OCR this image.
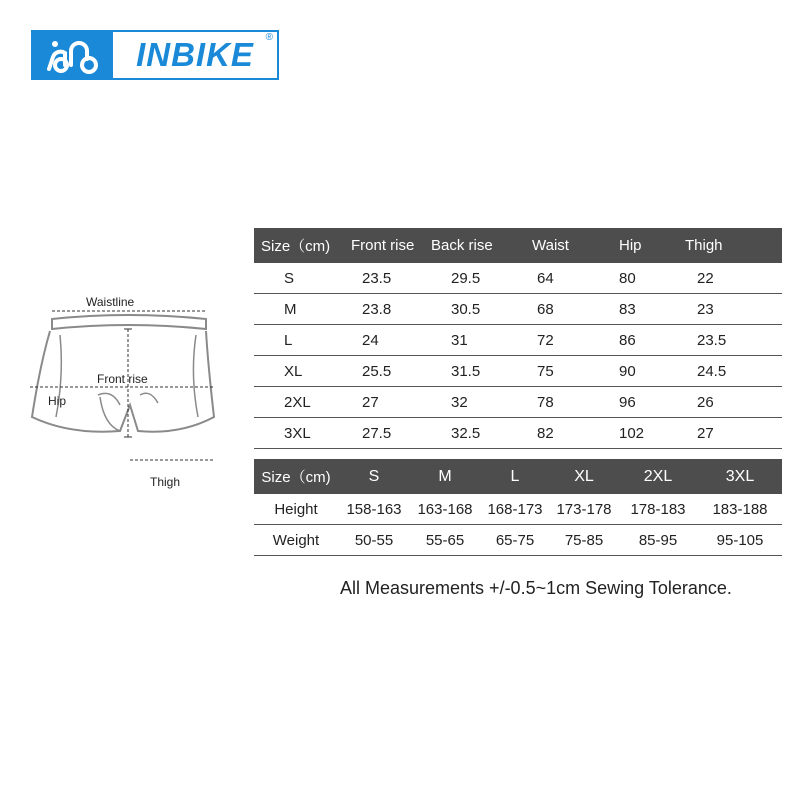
INBIKE ®
Waistline
Front rise
Hip
Thigh
Size（cm)	Front rise	Back rise	Waist	Hip	Thigh
S	23.5	29.5	64	80	22
M	23.8	30.5	68	83	23
L	24	31	72	86	23.5
XL	25.5	31.5	75	90	24.5
2XL	27	32	78	96	26
3XL	27.5	32.5	82	102	27
Size（cm)	S	M	L	XL	2XL	3XL
Height	158-163	163-168	168-173	173-178	178-183	183-188
Weight	50-55	55-65	65-75	75-85	85-95	95-105
All Measurements +/-0.5~1cm Sewing Tolerance.
